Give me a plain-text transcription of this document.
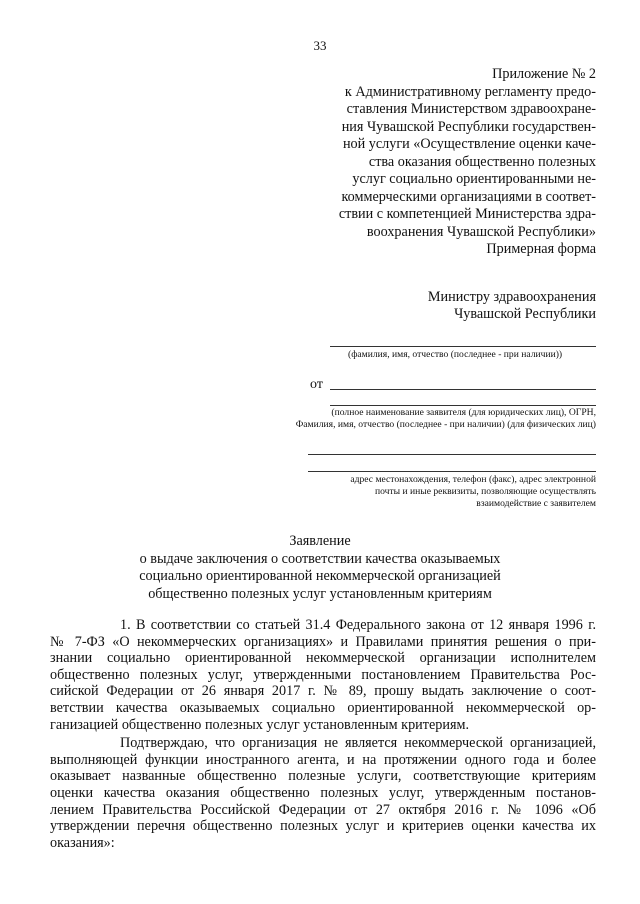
33
Приложение № 2
к Административному регламенту предо-
ставления Министерством здравоохране-
ния Чувашской Республики государствен-
ной услуги «Осуществление оценки каче-
ства оказания общественно полезных
услуг социально ориентированными не-
коммерческими организациями в соответ-
ствии с компетенцией Министерства здра-
воохранения Чувашской Республики»
Примерная форма
Министру здравоохранения
Чувашской Республики
(фамилия, имя, отчество (последнее - при наличии))
от
(полное наименование заявителя (для юридических лиц), ОГРН,
Фамилия, имя, отчество (последнее - при наличии) (для физических лиц)
адрес местонахождения, телефон (факс), адрес электронной
почты и иные реквизиты, позволяющие осуществлять
взаимодействие с заявителем
Заявление
о выдаче заключения о соответствии качества оказываемых
социально ориентированной некоммерческой организацией
общественно полезных услуг установленным критериям
1. В соответствии со статьей 31.4 Федерального закона от 12 января 1996 г.
№ 7-ФЗ «О некоммерческих организациях» и Правилами принятия решения о при-
знании социально ориентированной некоммерческой организации исполнителем
общественно полезных услуг, утвержденными постановлением Правительства Рос-
сийской Федерации от 26 января 2017 г. № 89, прошу выдать заключение о соот-
ветствии качества оказываемых социально ориентированной некоммерческой ор-
ганизацией общественно полезных услуг установленным критериям.
Подтверждаю, что организация не является некоммерческой организацией,
выполняющей функции иностранного агента, и на протяжении одного года и более
оказывает названные общественно полезные услуги, соответствующие критериям
оценки качества оказания общественно полезных услуг, утвержденным постанов-
лением Правительства Российской Федерации от 27 октября 2016 г. № 1096 «Об
утверждении перечня общественно полезных услуг и критериев оценки качества их
оказания»:
